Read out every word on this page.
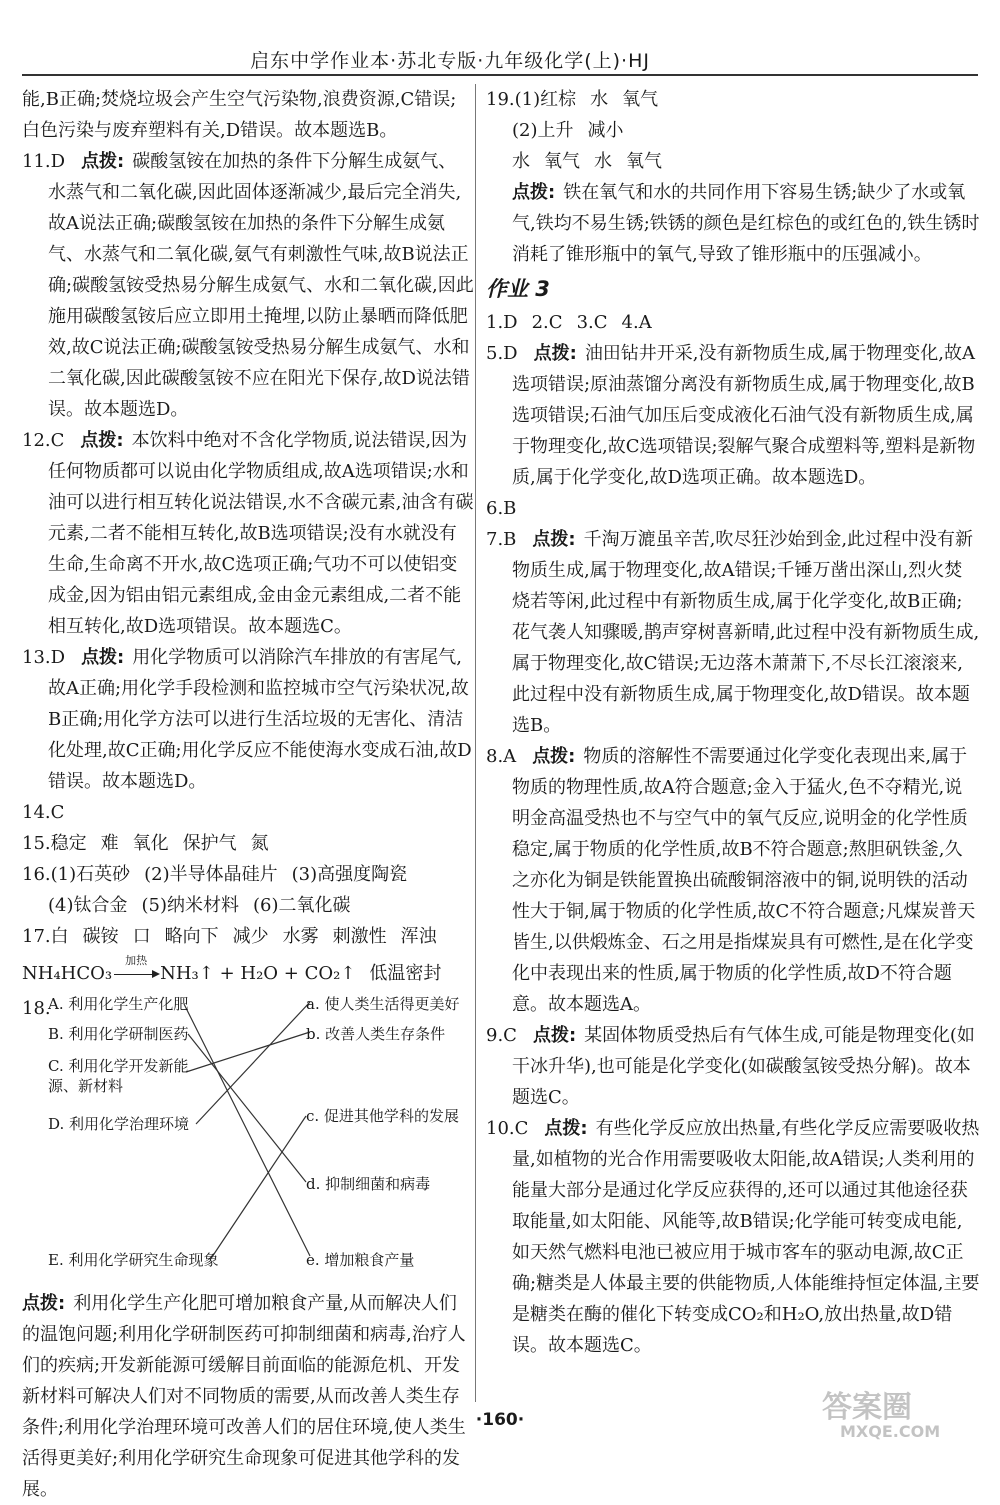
启东中学作业本·苏北专版·九年级化学(上)·HJ

能,B正确;焚烧垃圾会产生空气污染物,浪费资源,C错误;白色污染与废弃塑料有关,D错误。故本题选B。

11.D 点拨: 碳酸氢铵在加热的条件下分解生成氨气、水蒸气和二氧化碳,因此固体逐渐减少,最后完全消失,故A说法正确;碳酸氢铵在加热的条件下分解生成氨气、水蒸气和二氧化碳,氨气有刺激性气味,故B说法正确;碳酸氢铵受热易分解生成氨气、水和二氧化碳,因此施用碳酸氢铵后应立即用土掩埋,以防止暴晒而降低肥效,故C说法正确;碳酸氢铵受热易分解生成氨气、水和二氧化碳,因此碳酸氢铵不应在阳光下保存,故D说法错误。故本题选D。

12.C 点拨: 本饮料中绝对不含化学物质,说法错误,因为任何物质都可以说由化学物质组成,故A选项错误;水和油可以进行相互转化说法错误,水不含碳元素,油含有碳元素,二者不能相互转化,故B选项错误;没有水就没有生命,生命离不开水,故C选项正确;气功不可以使铝变成金,因为铝由铝元素组成,金由金元素组成,二者不能相互转化,故D选项错误。故本题选C。

13.D 点拨: 用化学物质可以消除汽车排放的有害尾气,故A正确;用化学手段检测和监控城市空气污染状况,故B正确;用化学方法可以进行生活垃圾的无害化、清洁化处理,故C正确;用化学反应不能使海水变成石油,故D错误。故本题选D。

14.C

15.稳定 难 氧化 保护气 氮

16.(1)石英砂 (2)半导体晶硅片 (3)高强度陶瓷

(4)钛合金 (5)纳米材料 (6)二氧化碳

17.白 碳铵 口 略向下 减少 水雾 刺激性 浑浊

NH₄HCO₃
加热
NH₃↑ + H₂O + CO₂↑ 低温密封

18.

A. 利用化学生产化肥
B. 利用化学研制医药
C. 利用化学开发新能源、新材料
D. 利用化学治理环境
E. 利用化学研究生命现象
a. 使人类生活得更美好
b. 改善人类生存条件
c. 促进其他学科的发展
d. 抑制细菌和病毒
e. 增加粮食产量

点拨: 利用化学生产化肥可增加粮食产量,从而解决人们的温饱问题;利用化学研制医药可抑制细菌和病毒,治疗人们的疾病;开发新能源可缓解目前面临的能源危机、开发新材料可解决人们对不同物质的需要,从而改善人类生存条件;利用化学治理环境可改善人们的居住环境,使人类生活得更美好;利用化学研究生命现象可促进其他学科的发展。

19.(1)红棕 水 氧气

(2)上升 减小

水 氧气 水 氧气

点拨: 铁在氧气和水的共同作用下容易生锈;缺少了水或氧气,铁均不易生锈;铁锈的颜色是红棕色的或红色的,铁生锈时消耗了锥形瓶中的氧气,导致了锥形瓶中的压强减小。

作业 3

1.D 2.C 3.C 4.A

5.D 点拨: 油田钻井开采,没有新物质生成,属于物理变化,故A选项错误;原油蒸馏分离没有新物质生成,属于物理变化,故B选项错误;石油气加压后变成液化石油气没有新物质生成,属于物理变化,故C选项错误;裂解气聚合成塑料等,塑料是新物质,属于化学变化,故D选项正确。故本题选D。

6.B

7.B 点拨: 千淘万漉虽辛苦,吹尽狂沙始到金,此过程中没有新物质生成,属于物理变化,故A错误;千锤万凿出深山,烈火焚烧若等闲,此过程中有新物质生成,属于化学变化,故B正确;花气袭人知骤暖,鹊声穿树喜新晴,此过程中没有新物质生成,属于物理变化,故C错误;无边落木萧萧下,不尽长江滚滚来,此过程中没有新物质生成,属于物理变化,故D错误。故本题选B。

8.A 点拨: 物质的溶解性不需要通过化学变化表现出来,属于物质的物理性质,故A符合题意;金入于猛火,色不夺精光,说明金高温受热也不与空气中的氧气反应,说明金的化学性质稳定,属于物质的化学性质,故B不符合题意;熬胆矾铁釜,久之亦化为铜是铁能置换出硫酸铜溶液中的铜,说明铁的活动性大于铜,属于物质的化学性质,故C不符合题意;凡煤炭普天皆生,以供煅炼金、石之用是指煤炭具有可燃性,是在化学变化中表现出来的性质,属于物质的化学性质,故D不符合题意。故本题选A。

9.C 点拨: 某固体物质受热后有气体生成,可能是物理变化(如干冰升华),也可能是化学变化(如碳酸氢铵受热分解)。故本题选C。

10.C 点拨: 有些化学反应放出热量,有些化学反应需要吸收热量,如植物的光合作用需要吸收太阳能,故A错误;人类利用的能量大部分是通过化学反应获得的,还可以通过其他途径获取能量,如太阳能、风能等,故B错误;化学能可转变成电能,如天然气燃料电池已被应用于城市客车的驱动电源,故C正确;糖类是人体最主要的供能物质,人体能维持恒定体温,主要是糖类在酶的催化下转变成CO₂和H₂O,放出热量,故D错误。故本题选C。

·160·	答案圈
MXQE.COM
